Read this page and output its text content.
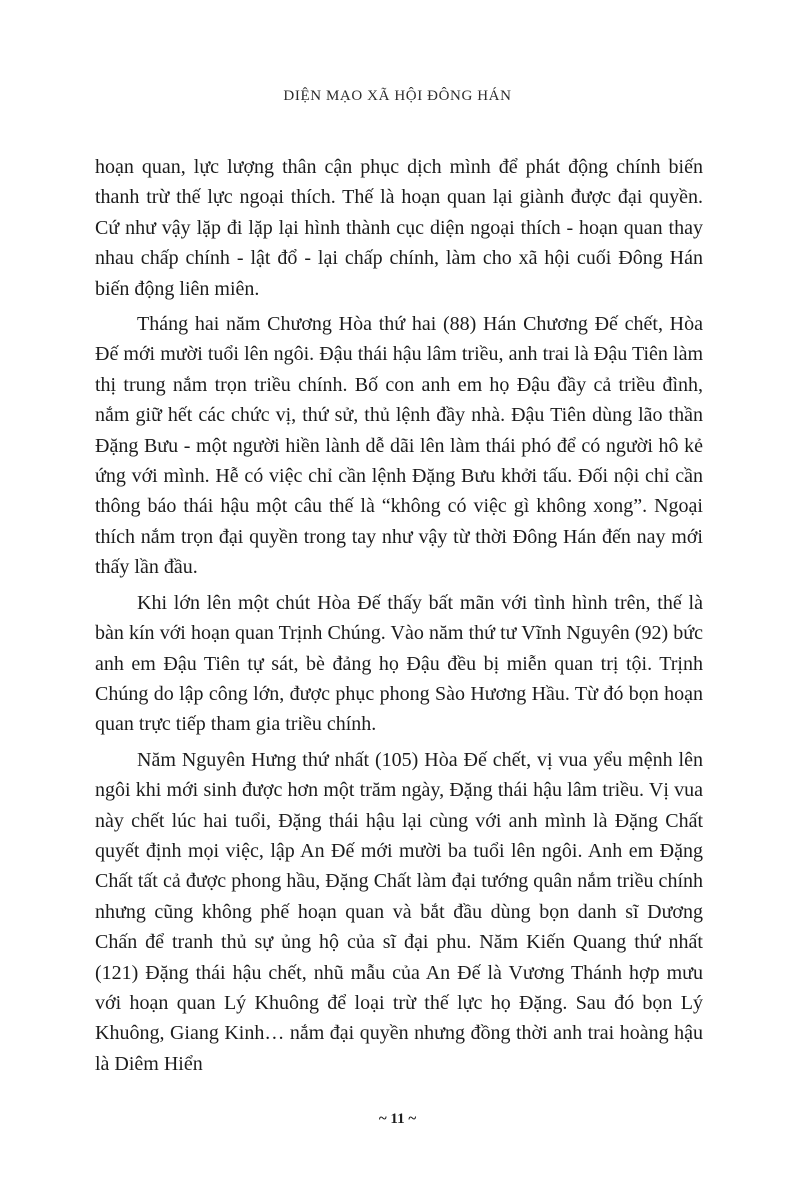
DIỆN MẠO XÃ HỘI ĐÔNG HÁN

hoạn quan, lực lượng thân cận phục dịch mình để phát động chính biến thanh trừ thế lực ngoại thích. Thế là hoạn quan lại giành được đại quyền. Cứ như vậy lặp đi lặp lại hình thành cục diện ngoại thích - hoạn quan thay nhau chấp chính - lật đổ - lại chấp chính, làm cho xã hội cuối Đông Hán biến động liên miên.

Tháng hai năm Chương Hòa thứ hai (88) Hán Chương Đế chết, Hòa Đế mới mười tuổi lên ngôi. Đậu thái hậu lâm triều, anh trai là Đậu Tiên làm thị trung nắm trọn triều chính. Bố con anh em họ Đậu đầy cả triều đình, nắm giữ hết các chức vị, thứ sử, thủ lệnh đầy nhà. Đậu Tiên dùng lão thần Đặng Bưu - một người hiền lành dễ dãi lên làm thái phó để có người hô kẻ ứng với mình. Hễ có việc chỉ cần lệnh Đặng Bưu khởi tấu. Đối nội chỉ cần thông báo thái hậu một câu thế là “không có việc gì không xong”. Ngoại thích nắm trọn đại quyền trong tay như vậy từ thời Đông Hán đến nay mới thấy lần đầu.

Khi lớn lên một chút Hòa Đế thấy bất mãn với tình hình trên, thế là bàn kín với hoạn quan Trịnh Chúng. Vào năm thứ tư Vĩnh Nguyên (92) bức anh em Đậu Tiên tự sát, bè đảng họ Đậu đều bị miễn quan trị tội. Trịnh Chúng do lập công lớn, được phục phong Sào Hương Hầu. Từ đó bọn hoạn quan trực tiếp tham gia triều chính.

Năm Nguyên Hưng thứ nhất (105) Hòa Đế chết, vị vua yểu mệnh lên ngôi khi mới sinh được hơn một trăm ngày, Đặng thái hậu lâm triều. Vị vua này chết lúc hai tuổi, Đặng thái hậu lại cùng với anh mình là Đặng Chất quyết định mọi việc, lập An Đế mới mười ba tuổi lên ngôi. Anh em Đặng Chất tất cả được phong hầu, Đặng Chất làm đại tướng quân nắm triều chính nhưng cũng không phế hoạn quan và bắt đầu dùng bọn danh sĩ Dương Chấn để tranh thủ sự ủng hộ của sĩ đại phu. Năm Kiến Quang thứ nhất (121) Đặng thái hậu chết, nhũ mẫu của An Đế là Vương Thánh hợp mưu với hoạn quan Lý Khuông để loại trừ thế lực họ Đặng. Sau đó bọn Lý Khuông, Giang Kinh… nắm đại quyền nhưng đồng thời anh trai hoàng hậu là Diêm Hiển

~ 11 ~
